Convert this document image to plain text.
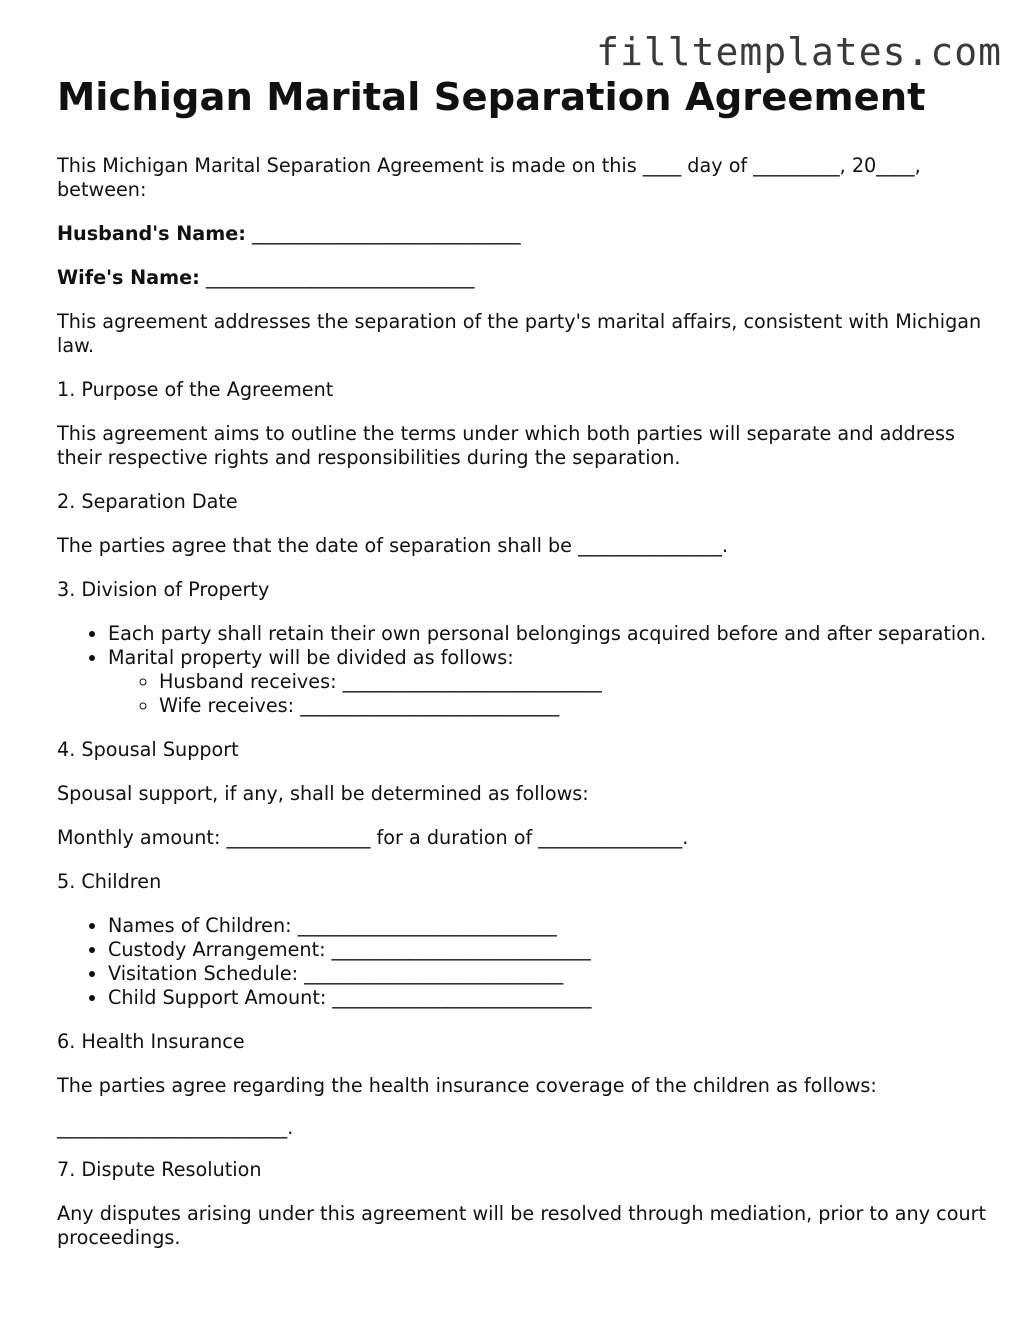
filltemplates.com
Michigan Marital Separation Agreement

This Michigan Marital Separation Agreement is made on this ____ day of _________, 20____, between:

Husband's Name: ____________________________

Wife's Name: ____________________________

This agreement addresses the separation of the party's marital affairs, consistent with Michigan law.

1. Purpose of the Agreement

This agreement aims to outline the terms under which both parties will separate and address their respective rights and responsibilities during the separation.

2. Separation Date

The parties agree that the date of separation shall be _______________.

3. Division of Property

• Each party shall retain their own personal belongings acquired before and after separation.
• Marital property will be divided as follows:
◦ Husband receives: ___________________________
◦ Wife receives: ___________________________

4. Spousal Support

Spousal support, if any, shall be determined as follows:

Monthly amount: _______________ for a duration of _______________.

5. Children

• Names of Children: ___________________________
• Custody Arrangement: ___________________________
• Visitation Schedule: ___________________________
• Child Support Amount: ___________________________

6. Health Insurance

The parties agree regarding the health insurance coverage of the children as follows:

________________________.

7. Dispute Resolution

Any disputes arising under this agreement will be resolved through mediation, prior to any court proceedings.
